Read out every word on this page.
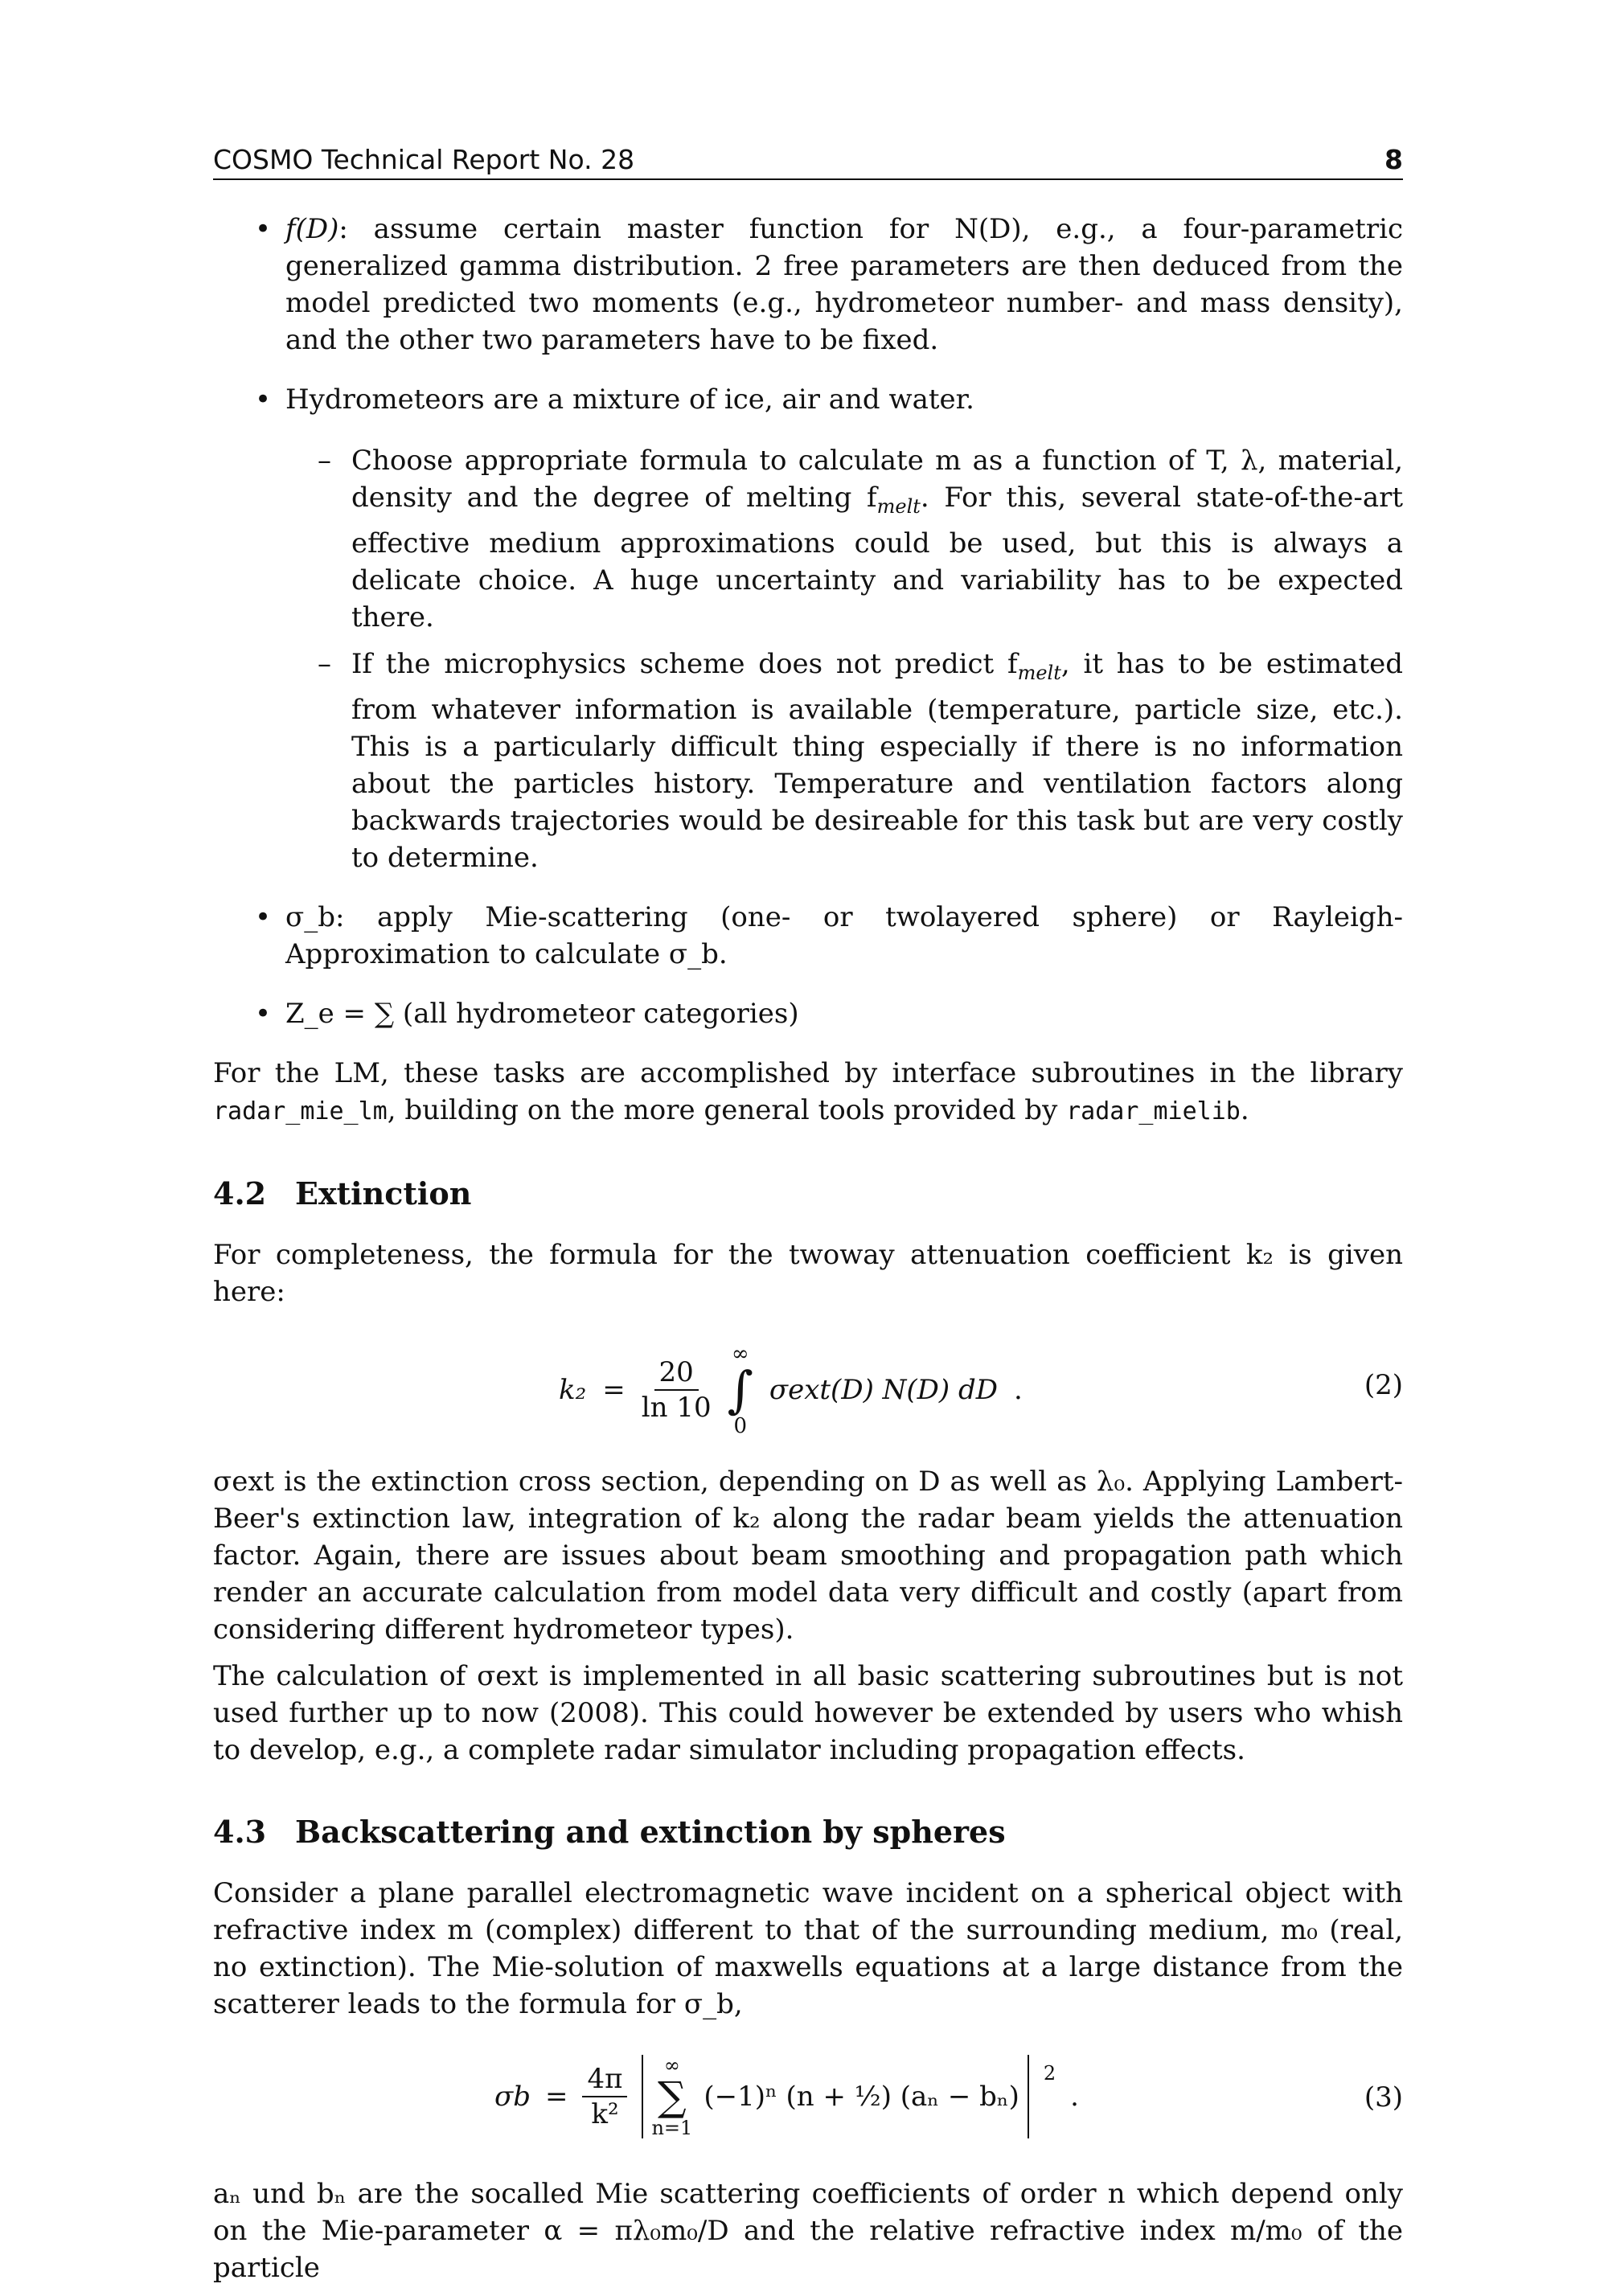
COSMO Technical Report No. 28	8
• f(D): assume certain master function for N(D), e.g., a four-parametric generalized gamma distribution. 2 free parameters are then deduced from the model predicted two moments (e.g., hydrometeor number- and mass density), and the other two parameters have to be fixed.
• Hydrometeors are a mixture of ice, air and water.
– Choose appropriate formula to calculate m as a function of T, λ, material, density and the degree of melting $f_{melt}$. For this, several state-of-the-art effective medium approximations could be used, but this is always a delicate choice. A huge uncertainty and variability has to be expected there.
– If the microphysics scheme does not predict $f_{melt}$, it has to be estimated from whatever information is available (temperature, particle size, etc.). This is a particularly difficult thing especially if there is no information about the particles history. Temperature and ventilation factors along backwards trajectories would be desireable for this task but are very costly to determine.
• σ_b: apply Mie-scattering (one- or twolayered sphere) or Rayleigh-Approximation to calculate σ_b.
• Z_e = ∑ (all hydrometeor categories)

For the LM, these tasks are accomplished by interface subroutines in the library radar_mie_lm, building on the more general tools provided by radar_mielib.

4.2 Extinction

For completeness, the formula for the twoway attenuation coefficient k₂ is given here:

$k_2 = \frac{20}{\ln 10}$
∞
∫
0
σext(D) N(D) dD .	(2)

σext is the extinction cross section, depending on D as well as λ₀. Applying Lambert-Beer's extinction law, integration of k₂ along the radar beam yields the attenuation factor. Again, there are issues about beam smoothing and propagation path which render an accurate calculation from model data very difficult and costly (apart from considering different hydrometeor types).

The calculation of σext is implemented in all basic scattering subroutines but is not used further up to now (2008). This could however be extended by users who whish to develop, e.g., a complete radar simulator including propagation effects.

4.3 Backscattering and extinction by spheres

Consider a plane parallel electromagnetic wave incident on a spherical object with refractive index m (complex) different to that of the surrounding medium, m₀ (real, no extinction). The Mie-solution of maxwells equations at a large distance from the scatterer leads to the formula for σ_b,

$\sigma b = \frac{4\pi}{\text{k²}}$ ∞
∑
n=1
(−1)ⁿ (n + ½) (aₙ − bₙ)
$^2$
.	(3)

aₙ und bₙ are the socalled Mie scattering coefficients of order n which depend only on the Mie-parameter α = πλ₀m₀/D and the relative refractive index m/m₀ of the particle
